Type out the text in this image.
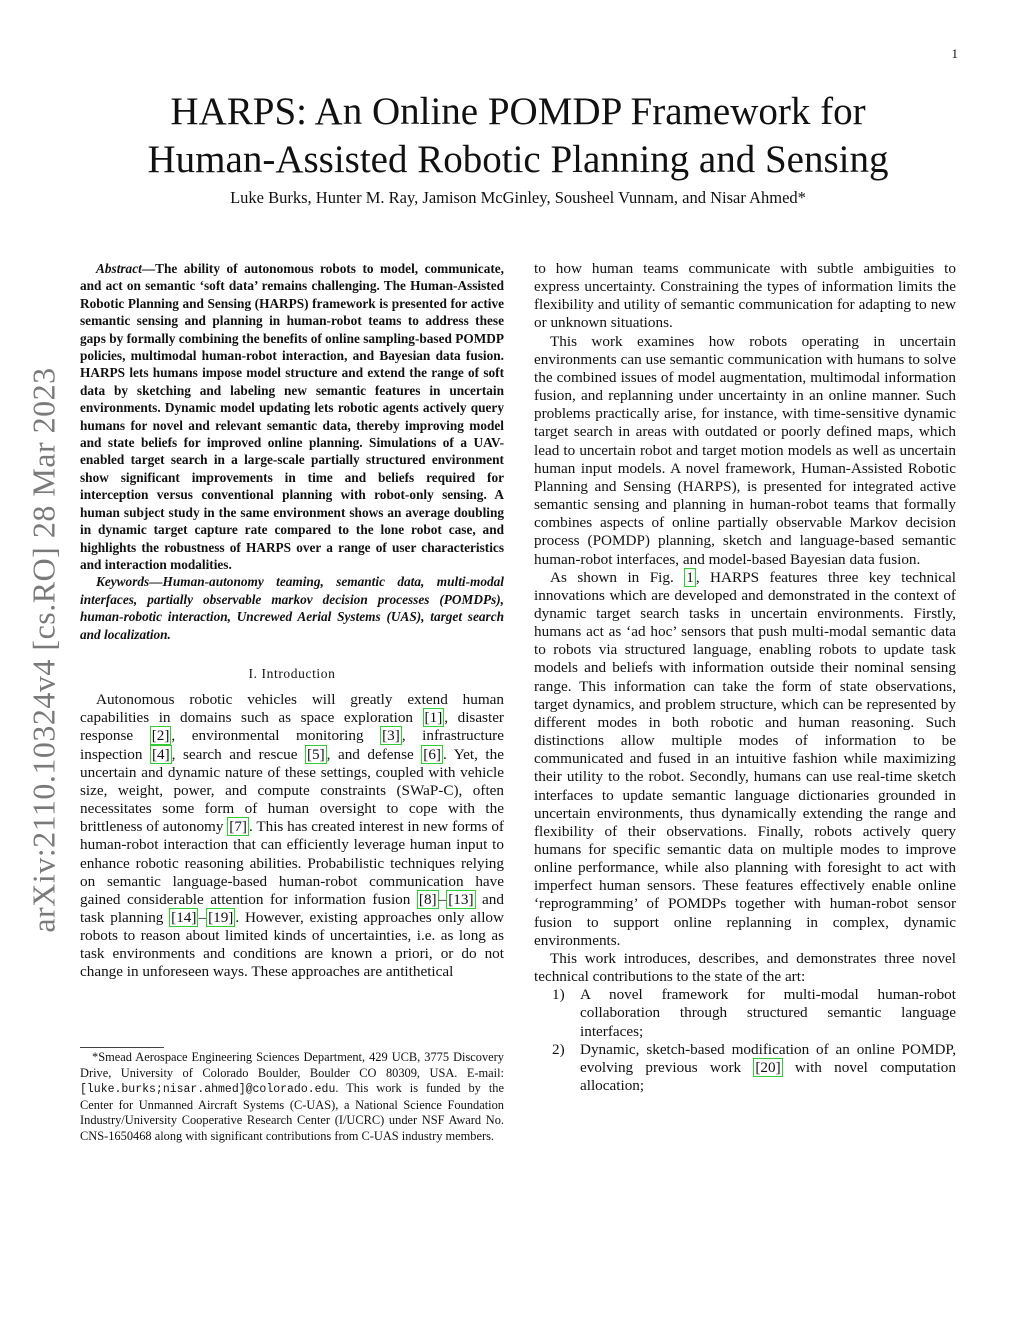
1
arXiv:2110.10324v4 [cs.RO] 28 Mar 2023
HARPS: An Online POMDP Framework for
Human-Assisted Robotic Planning and Sensing
Luke Burks, Hunter M. Ray, Jamison McGinley, Sousheel Vunnam, and Nisar Ahmed*

Abstract—The ability of autonomous robots to model, communicate, and act on semantic ‘soft data’ remains challenging. The Human-Assisted Robotic Planning and Sensing (HARPS) framework is presented for active semantic sensing and planning in human-robot teams to address these gaps by formally combining the benefits of online sampling-based POMDP policies, multimodal human-robot interaction, and Bayesian data fusion. HARPS lets humans impose model structure and extend the range of soft data by sketching and labeling new semantic features in uncertain environments. Dynamic model updating lets robotic agents actively query humans for novel and relevant semantic data, thereby improving model and state beliefs for improved online planning. Simulations of a UAV-enabled target search in a large-scale partially structured environment show significant improvements in time and beliefs required for interception versus conventional planning with robot-only sensing. A human subject study in the same environment shows an average doubling in dynamic target capture rate compared to the lone robot case, and highlights the robustness of HARPS over a range of user characteristics and interaction modalities.

Keywords—Human-autonomy teaming, semantic data, multi-modal interfaces, partially observable markov decision processes (POMDPs), human-robotic interaction, Uncrewed Aerial Systems (UAS), target search and localization.

I. Introduction

Autonomous robotic vehicles will greatly extend human capabilities in domains such as space exploration [1] , disaster response [2] , environmental monitoring [3] , infrastructure inspection [4] , search and rescue [5] , and defense [6] . Yet, the uncertain and dynamic nature of these settings, coupled with vehicle size, weight, power, and compute constraints (SWaP-C), often necessitates some form of human oversight to cope with the brittleness of autonomy [7] . This has created interest in new forms of human-robot interaction that can efficiently leverage human input to enhance robotic reasoning abilities. Probabilistic techniques relying on semantic language-based human-robot communication have gained considerable attention for information fusion [8] – [13] and task planning [14] – [19] . However, existing approaches only allow robots to reason about limited kinds of uncertainties, i.e. as long as task environments and conditions are known a priori, or do not change in unforeseen ways. These approaches are antithetical

*Smead Aerospace Engineering Sciences Department, 429 UCB, 3775 Discovery Drive, University of Colorado Boulder, Boulder CO 80309, USA. E-mail:[luke.burks;nisar.ahmed]@colorado.edu. This work is funded by the Center for Unmanned Aircraft Systems (C-UAS), a National Science Foundation Industry/University Cooperative Research Center (I/UCRC) under NSF Award No. CNS-1650468 along with significant contributions from C-UAS industry members.

to how human teams communicate with subtle ambiguities to express uncertainty. Constraining the types of information limits the flexibility and utility of semantic communication for adapting to new or unknown situations.

This work examines how robots operating in uncertain environments can use semantic communication with humans to solve the combined issues of model augmentation, multimodal information fusion, and replanning under uncertainty in an online manner. Such problems practically arise, for instance, with time-sensitive dynamic target search in areas with outdated or poorly defined maps, which lead to uncertain robot and target motion models as well as uncertain human input models. A novel framework, Human-Assisted Robotic Planning and Sensing (HARPS), is presented for integrated active semantic sensing and planning in human-robot teams that formally combines aspects of online partially observable Markov decision process (POMDP) planning, sketch and language-based semantic human-robot interfaces, and model-based Bayesian data fusion.

As shown in Fig. 1 , HARPS features three key technical innovations which are developed and demonstrated in the context of dynamic target search tasks in uncertain environments. Firstly, humans act as ‘ad hoc’ sensors that push multi-modal semantic data to robots via structured language, enabling robots to update task models and beliefs with information outside their nominal sensing range. This information can take the form of state observations, target dynamics, and problem structure, which can be represented by different modes in both robotic and human reasoning. Such distinctions allow multiple modes of information to be communicated and fused in an intuitive fashion while maximizing their utility to the robot. Secondly, humans can use real-time sketch interfaces to update semantic language dictionaries grounded in uncertain environments, thus dynamically extending the range and flexibility of their observations. Finally, robots actively query humans for specific semantic data on multiple modes to improve online performance, while also planning with foresight to act with imperfect human sensors. These features effectively enable online ‘reprogramming’ of POMDPs together with human-robot sensor fusion to support online replanning in complex, dynamic environments.

This work introduces, describes, and demonstrates three novel technical contributions to the state of the art:

1) A novel framework for multi-modal human-robot collaboration through structured semantic language interfaces;
2) Dynamic, sketch-based modification of an online POMDP, evolving previous work [20] with novel computation allocation;
